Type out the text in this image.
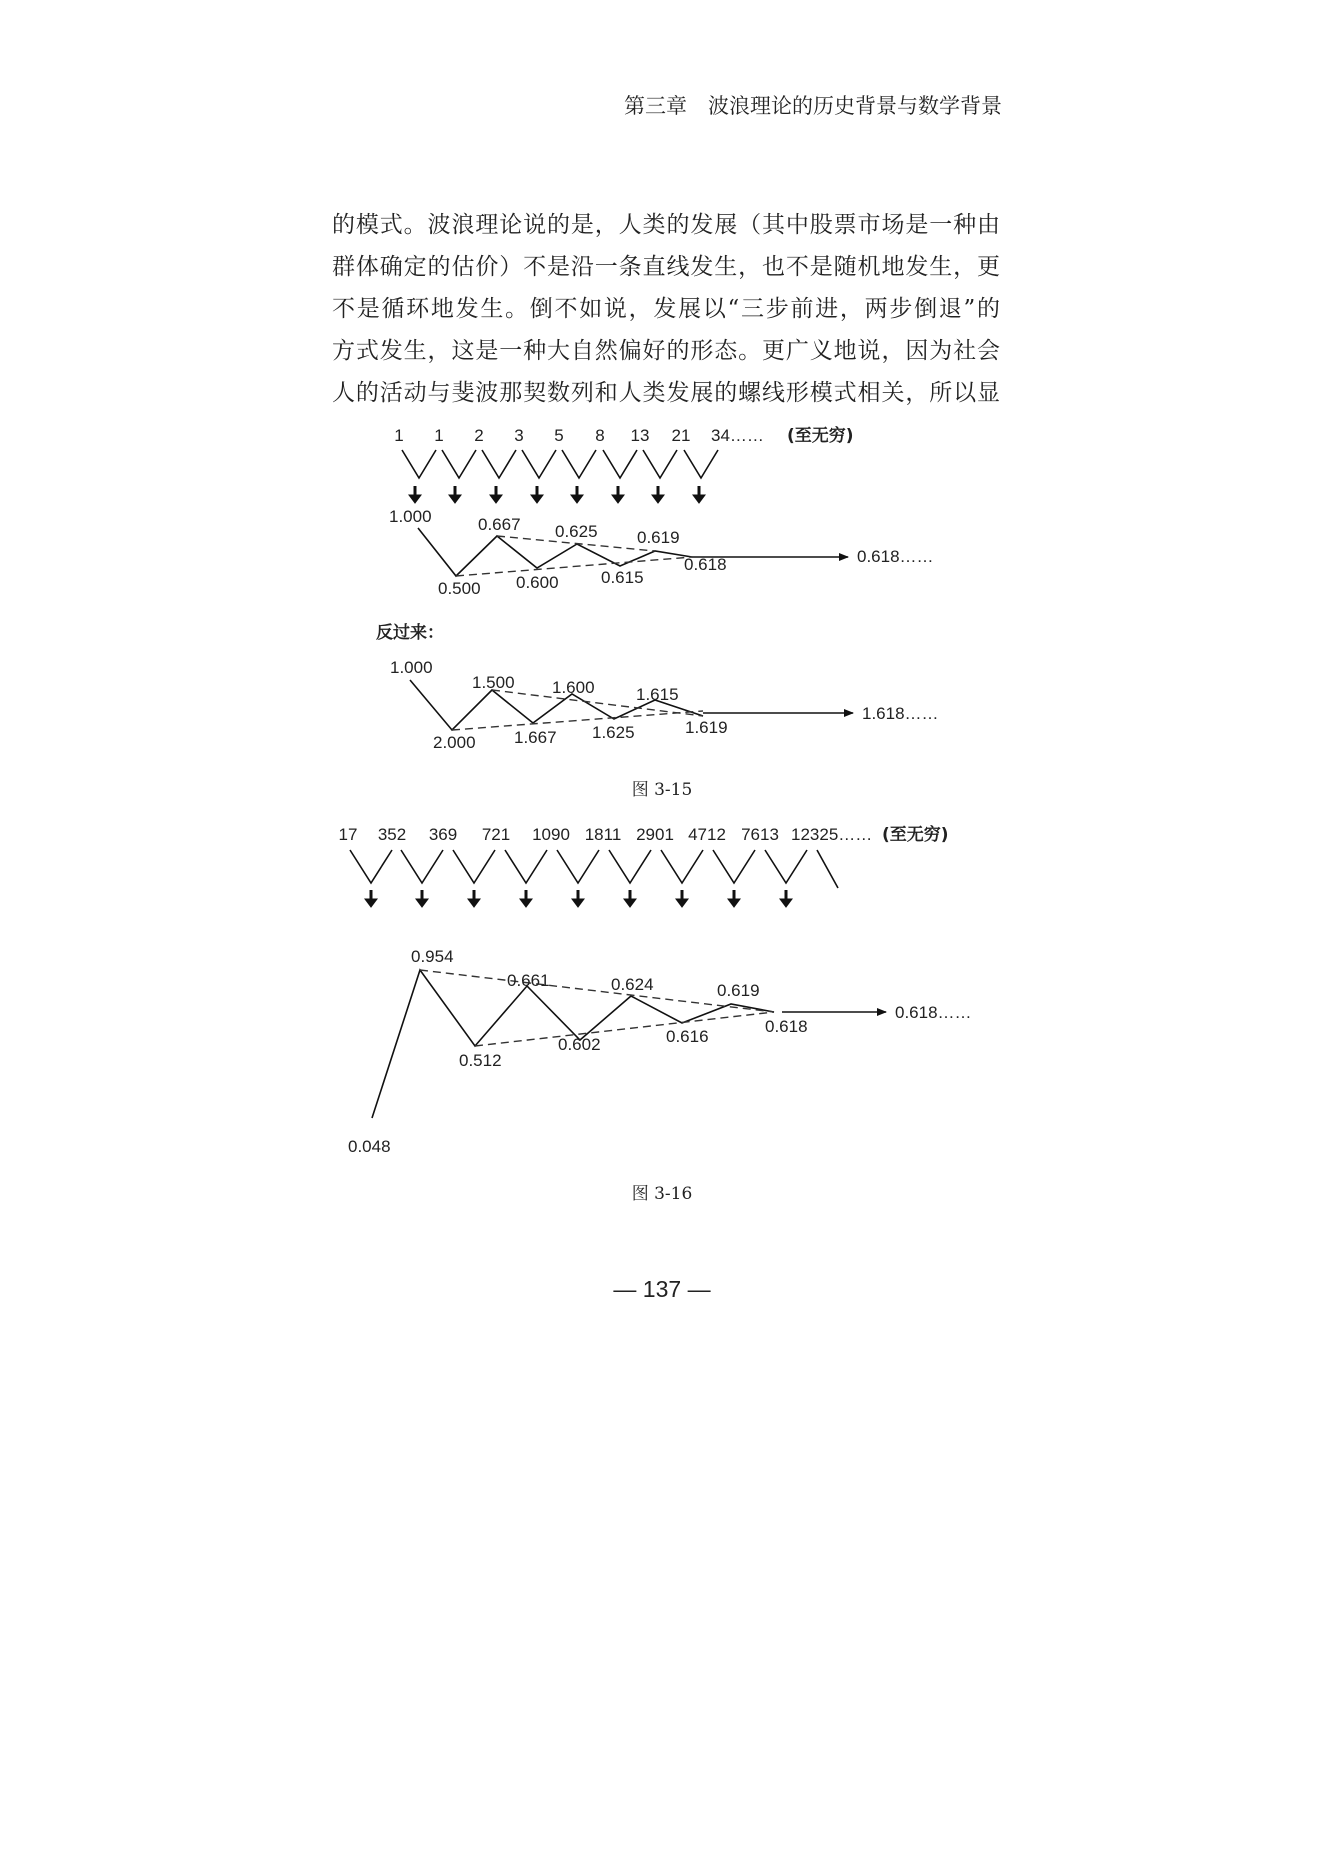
第三章　波浪理论的历史背景与数学背景

的模式。波浪理论说的是，人类的发展（其中股票市场是一种由

群体确定的估价）不是沿一条直线发生，也不是随机地发生，更

不是循环地发生。倒不如说，发展以“三步前进，两步倒退”的

方式发生，这是一种大自然偏好的形态。更广义地说，因为社会

人的活动与斐波那契数列和人类发展的螺线形模式相关，所以显

1 1 2 3 5 8 13 21 34…… (至无穷)
1.000	0.667 0.625 0.619
0.500 0.600 0.615
0.618	0.618……
反过来：
1.000
1.500 1.600 1.615
2.000 1.667 1.625	1.619
1.618……
图 3-15
17 352 369 721 1090 1811 2901 4712 7613 12325…… (至无穷)
0.048
0.954
0.661	0.624	0.619
0.512
0.602	0.616
0.618
0.618……
图 3-16
— 137 —
